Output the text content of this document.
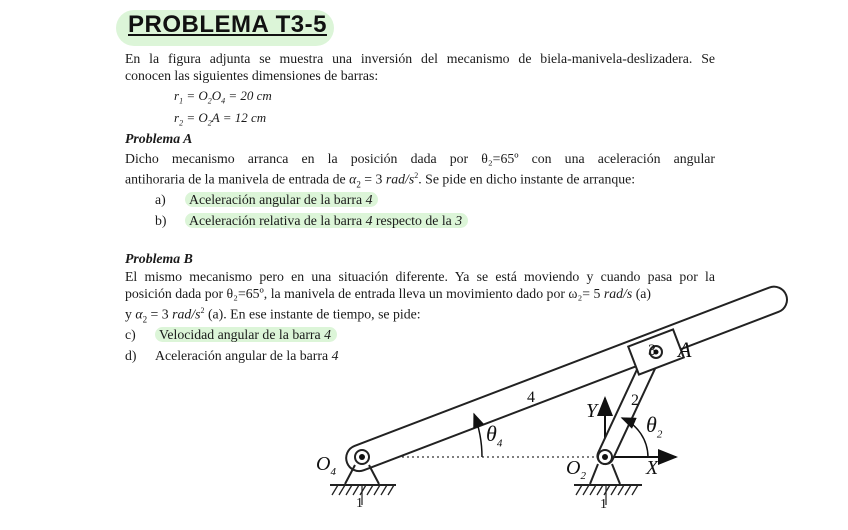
PROBLEMA T3-5
En la figura adjunta se muestra una inversión del mecanismo de biela-manivela-deslizadera. Se
conocen las siguientes dimensiones de barras:
$r_1 = O_2O_4 = 20$ cm
$r_2 = O_2A = 12$ cm
Problema A
Dicho mecanismo arranca en la posición dada por θ₂=65º con una aceleración angular
antihoraria de la manivela de entrada de $\alpha_2 = 3$ rad/$s^2$. Se pide en dicho instante de arranque:
a) Aceleración angular de la barra 4
b) Aceleración relativa de la barra 4 respecto de la 3
Problema B
El mismo mecanismo pero en una situación diferente. Ya se está moviendo y cuando pasa por la
posición dada por θ₂=65º, la manivela de entrada lleva un movimiento dado por ω₂= 5 rad/s (a)
y $\alpha_2 = 3$ rad/$s^2$ (a). En ese instante de tiempo, se pide:
c) Velocidad angular de la barra 4
d) Aceleración angular de la barra 4	A
3
2
4
Y
X
$O_4$	$O_2$
$\theta_4$
$\theta_2$
1	1
